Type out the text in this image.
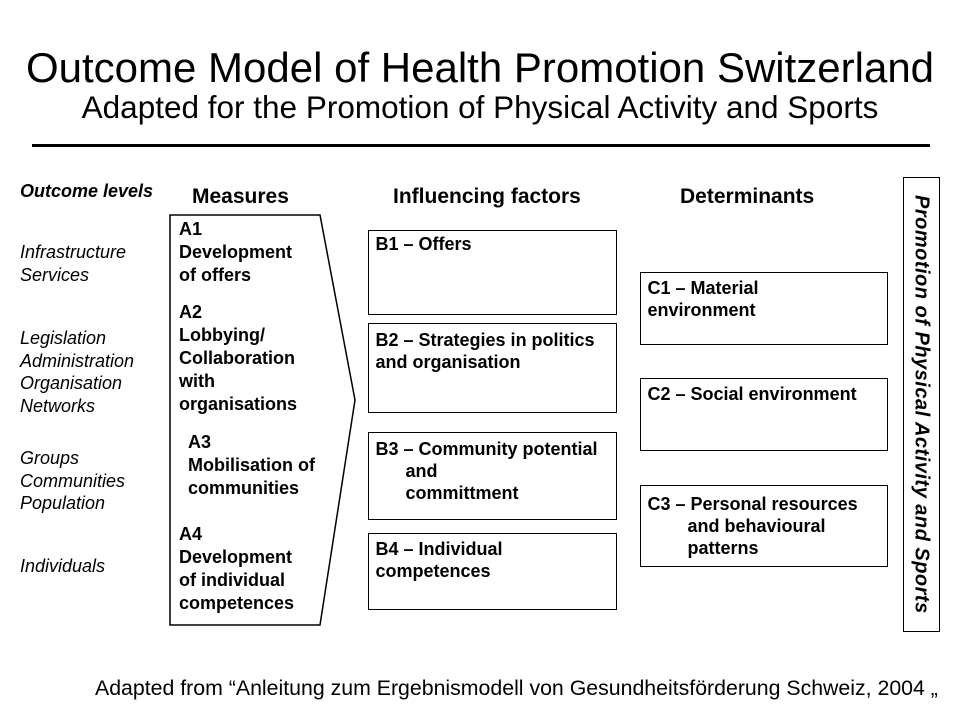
Outcome Model of Health Promotion Switzerland
Adapted for the Promotion of Physical Activity and Sports
Outcome levels Measures	Influencing factors	Determinants
Infrastructure
Services
Legislation
Administration
Organisation
Networks
Groups
Communities
Population
Individuals
A1
Development
of offers
A2
Lobbying/
Collaboration
with
organisations
A3
Mobilisation of
communities
A4
Development
of individual
competences
B1 – Offers
B2 – Strategies in politics
and organisation
B3 – Community potential
and
committment
B4 – Individual
competences
C1 – Material
environment
C2 – Social environment
C3 – Personal resources
and behavioural
patterns	Promotion of Physical Activity and Sports
Adapted from “Anleitung zum Ergebnismodell von Gesundheitsförderung Schweiz, 2004 „
